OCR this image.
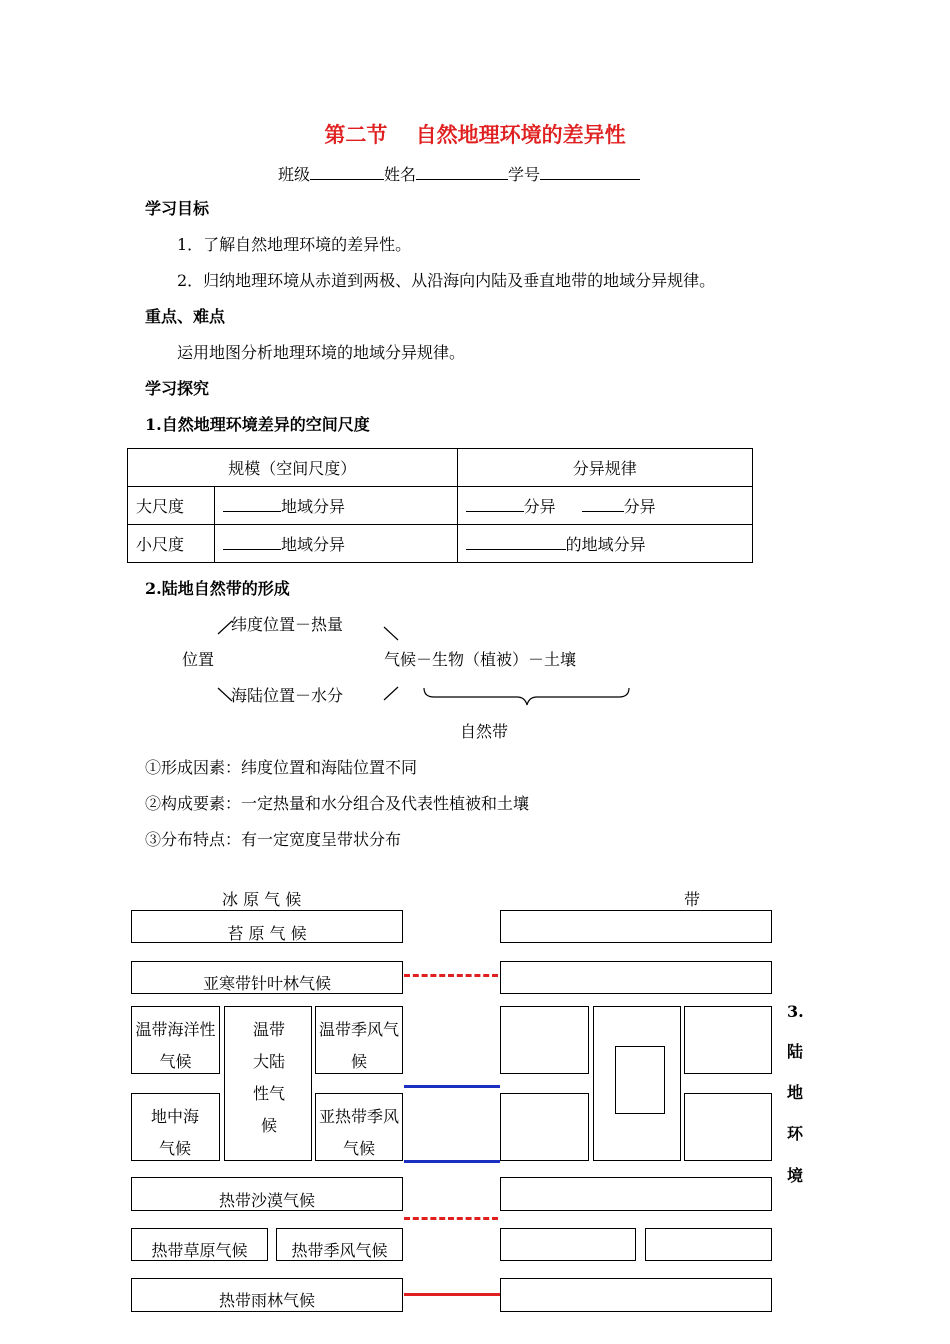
第二节　 自然地理环境的差异性
班级	姓名	学号
学习目标
1．了解自然地理环境的差异性。
2．归纳地理环境从赤道到两极、从沿海向内陆及垂直地带的地域分异规律。
重点、难点
运用地图分析地理环境的地域分异规律。
学习探究
1.自然地理环境差异的空间尺度
规模（空间尺度）		分异规律
大尺度	地域分异	分异 分异
小尺度	地域分异	的地域分异
2.陆地自然带的形成
位置
纬度位置－热量
海陆位置－水分
气候－生物（植被）－土壤
自然带
①形成因素：纬度位置和海陆位置不同
②构成要素：一定热量和水分组合及代表性植被和土壤
③分布特点：有一定宽度呈带状分布
冰 原 气 候	带
苔 原 气 候
亚寒带针叶林气候
温带海洋性气候
温带大陆性气候
温带季风气候
地中海气候
亚热带季风气候
热带沙漠气候
热带草原气候	热带季风气候
热带雨林气候
3.
陆
地
环
境
